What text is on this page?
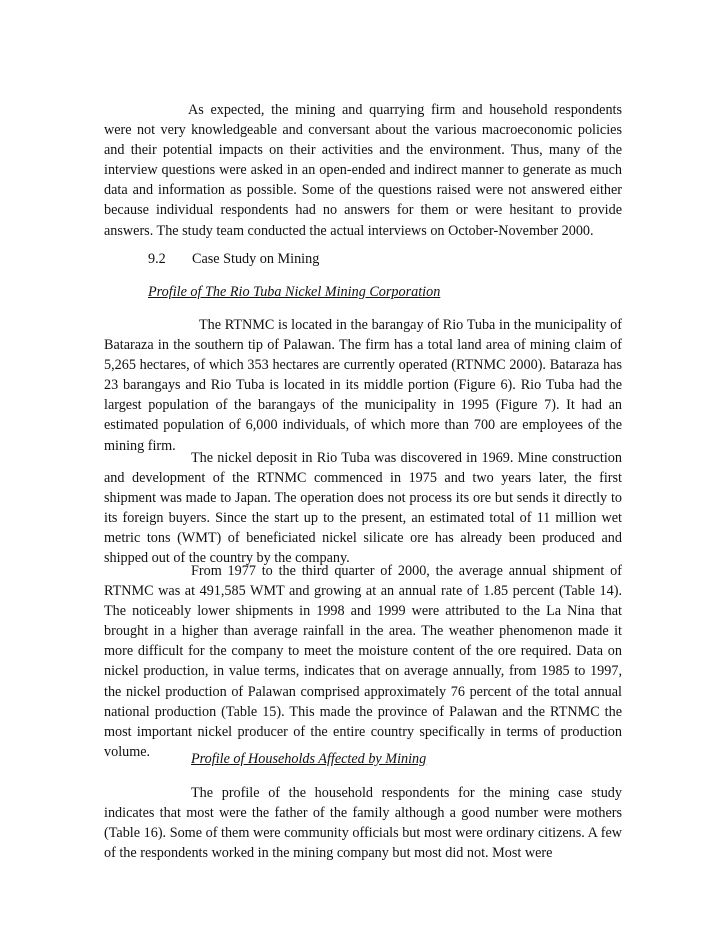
As expected, the mining and quarrying firm and household respondents were not very knowledgeable and conversant about the various macroeconomic policies and their potential impacts on their activities and the environment. Thus, many of the interview questions were asked in an open-ended and indirect manner to generate as much data and information as possible. Some of the questions raised were not answered either because individual respondents had no answers for them or were hesitant to provide answers. The study team conducted the actual interviews on October-November 2000.

9.2 Case Study on Mining

Profile of The Rio Tuba Nickel Mining Corporation

The RTNMC is located in the barangay of Rio Tuba in the municipality of Bataraza in the southern tip of Palawan. The firm has a total land area of mining claim of 5,265 hectares, of which 353 hectares are currently operated (RTNMC 2000). Bataraza has 23 barangays and Rio Tuba is located in its middle portion (Figure 6). Rio Tuba had the largest population of the barangays of the municipality in 1995 (Figure 7). It had an estimated population of 6,000 individuals, of which more than 700 are employees of the mining firm.

The nickel deposit in Rio Tuba was discovered in 1969. Mine construction and development of the RTNMC commenced in 1975 and two years later, the first shipment was made to Japan. The operation does not process its ore but sends it directly to its foreign buyers. Since the start up to the present, an estimated total of 11 million wet metric tons (WMT) of beneficiated nickel silicate ore has already been produced and shipped out of the country by the company.

From 1977 to the third quarter of 2000, the average annual shipment of RTNMC was at 491,585 WMT and growing at an annual rate of 1.85 percent (Table 14). The noticeably lower shipments in 1998 and 1999 were attributed to the La Nina that brought in a higher than average rainfall in the area. The weather phenomenon made it more difficult for the company to meet the moisture content of the ore required. Data on nickel production, in value terms, indicates that on average annually, from 1985 to 1997, the nickel production of Palawan comprised approximately 76 percent of the total annual national production (Table 15). This made the province of Palawan and the RTNMC the most important nickel producer of the entire country specifically in terms of production volume.	Profile of Households Affected by Mining

The profile of the household respondents for the mining case study indicates that most were the father of the family although a good number were mothers (Table 16). Some of them were community officials but most were ordinary citizens. A few of the respondents worked in the mining company but most did not. Most were
